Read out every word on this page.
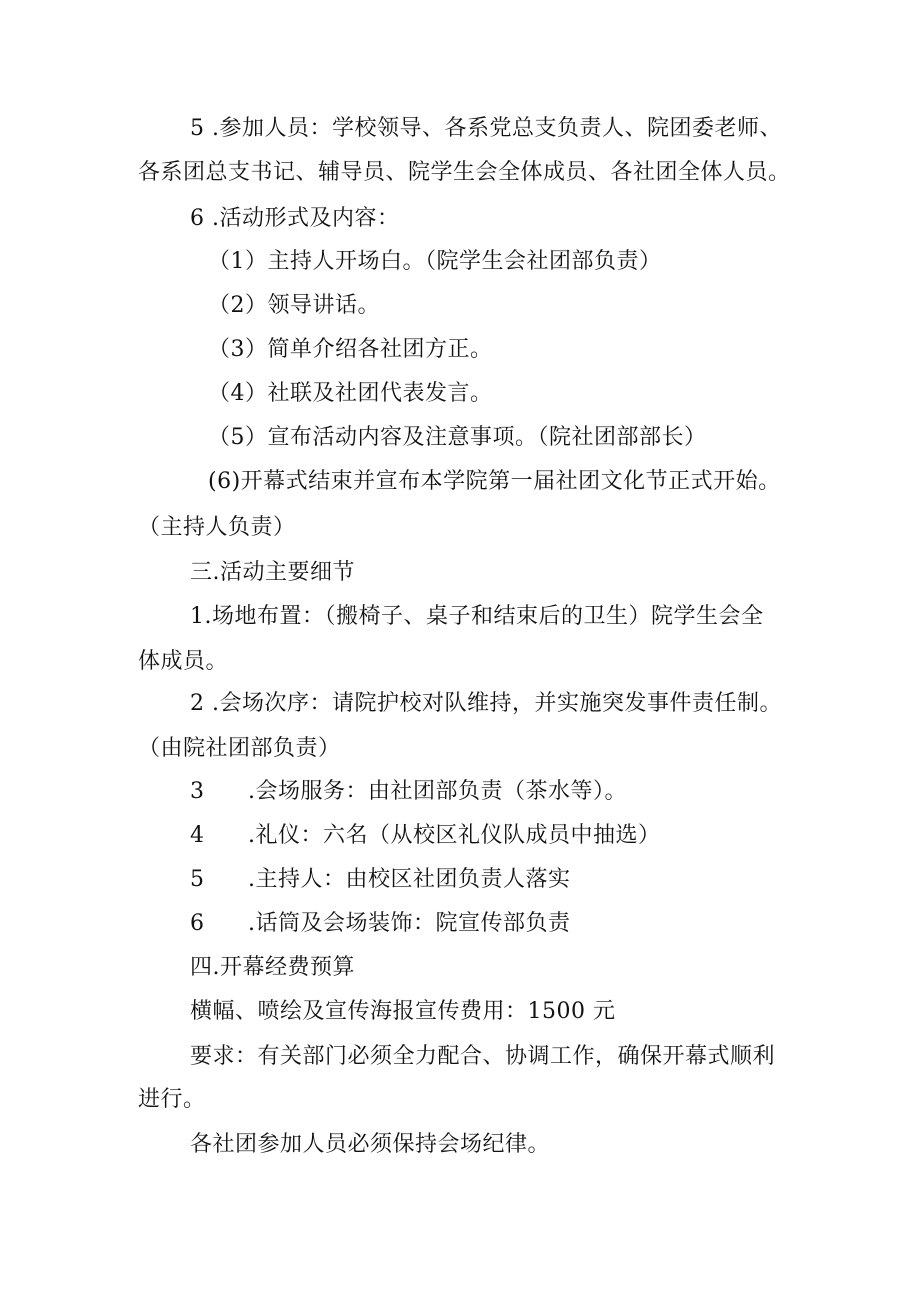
5 .参加人员：学校领导、各系党总支负责人、院团委老师、
各系团总支书记、辅导员、院学生会全体成员、各社团全体人员。
6 .活动形式及内容：
（1）主持人开场白。（院学生会社团部负责）
（2）领导讲话。
（3）简单介绍各社团方正。
（4）社联及社团代表发言。
（5）宣布活动内容及注意事项。（院社团部部长）
(6)开幕式结束并宣布本学院第一届社团文化节正式开始。
（主持人负责）
三.活动主要细节
1.场地布置：（搬椅子、桌子和结束后的卫生）院学生会全
体成员。
2 .会场次序：请院护校对队维持，并实施突发事件责任制。
（由院社团部负责）
3 .会场服务：由社团部负责（茶水等）。
4 .礼仪：六名（从校区礼仪队成员中抽选）
5 .主持人：由校区社团负责人落实
6 .话筒及会场装饰：院宣传部负责
四.开幕经费预算
横幅、喷绘及宣传海报宣传费用：1500 元
要求：有关部门必须全力配合、协调工作，确保开幕式顺利
进行。
各社团参加人员必须保持会场纪律。
